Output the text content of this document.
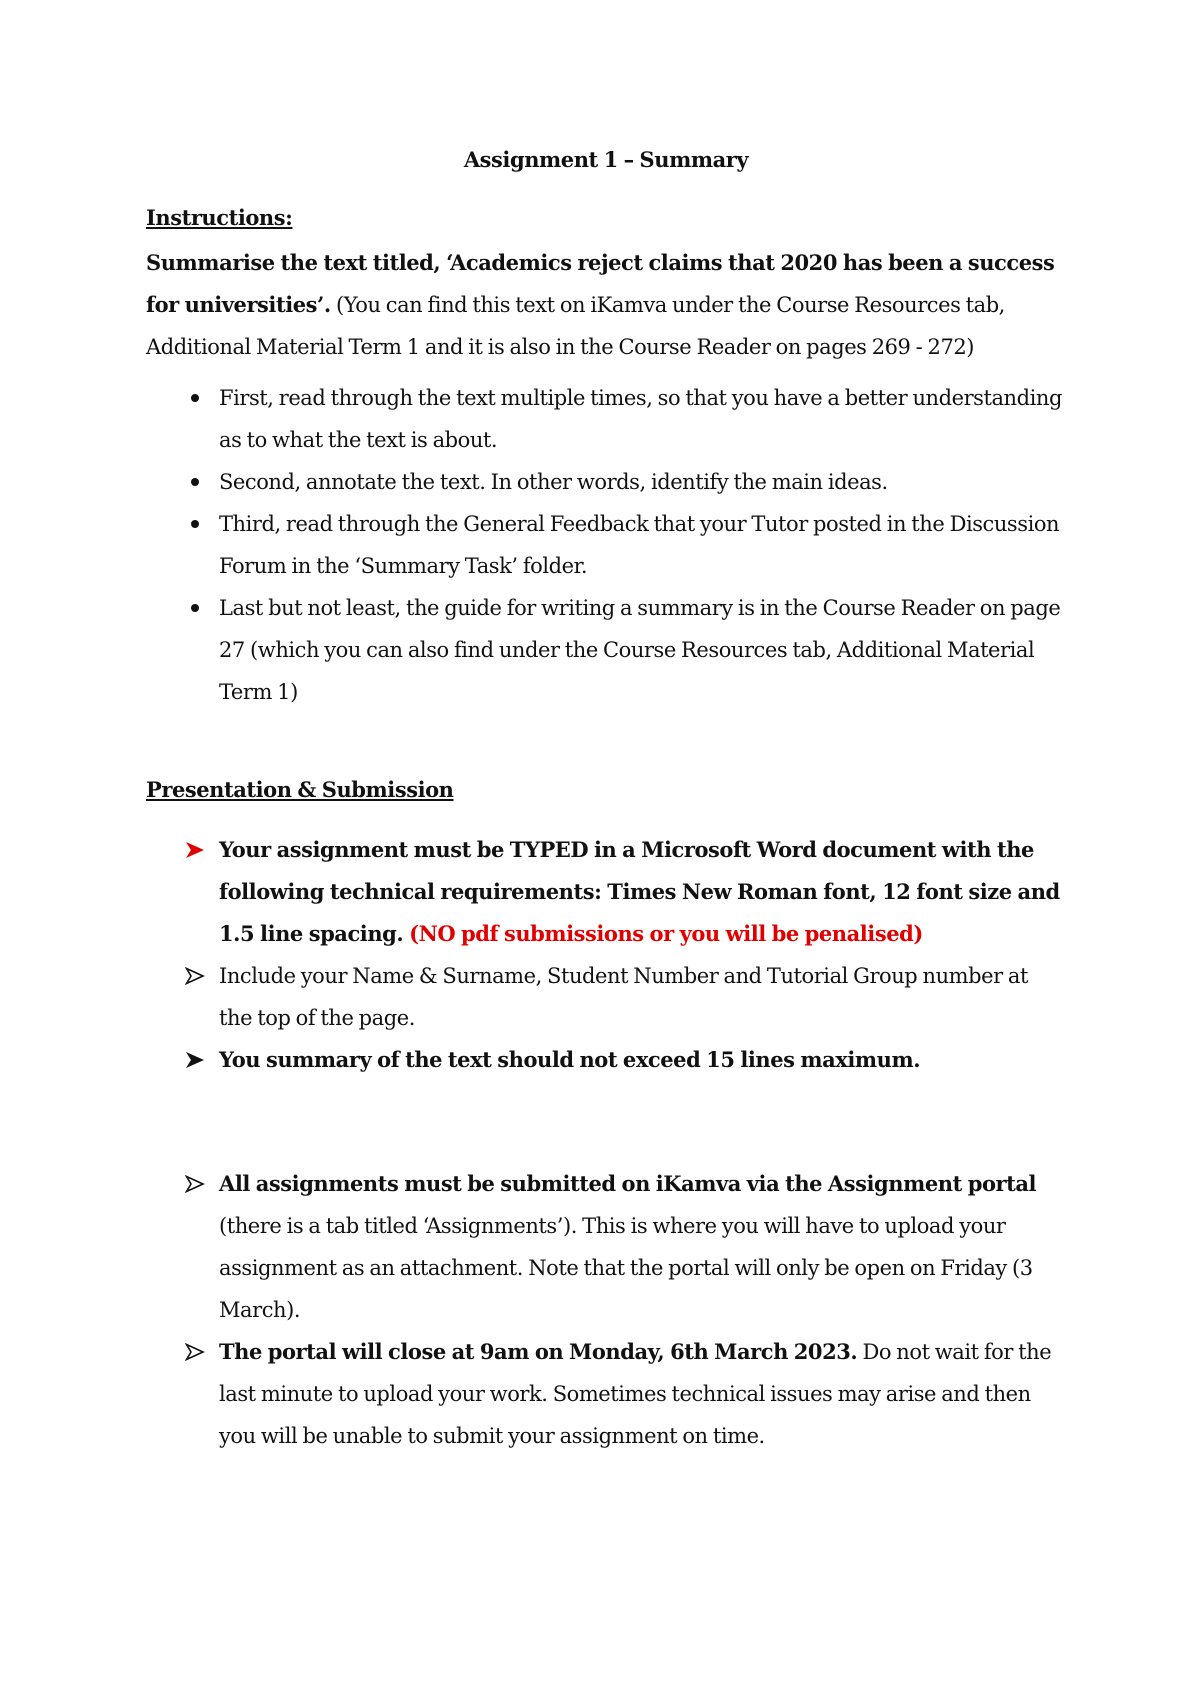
Assignment 1 – Summary
Instructions:
Summarise the text titled, ‘Academics reject claims that 2020 has been a success for universities’. (You can find this text on iKamva under the Course Resources tab, Additional Material Term 1 and it is also in the Course Reader on pages 269 - 272)
First, read through the text multiple times, so that you have a better understanding as to what the text is about.
Second, annotate the text. In other words, identify the main ideas.
Third, read through the General Feedback that your Tutor posted in the Discussion Forum in the ‘Summary Task’ folder.
Last but not least, the guide for writing a summary is in the Course Reader on page 27 (which you can also find under the Course Resources tab, Additional Material Term 1)
Presentation & Submission
Your assignment must be TYPED in a Microsoft Word document with the following technical requirements: Times New Roman font, 12 font size and 1.5 line spacing. (NO pdf submissions or you will be penalised)
Include your Name & Surname, Student Number and Tutorial Group number at the top of the page.
You summary of the text should not exceed 15 lines maximum.
All assignments must be submitted on iKamva via the Assignment portal (there is a tab titled ‘Assignments’). This is where you will have to upload your assignment as an attachment. Note that the portal will only be open on Friday (3 March).
The portal will close at 9am on Monday, 6th March 2023. Do not wait for the last minute to upload your work. Sometimes technical issues may arise and then you will be unable to submit your assignment on time.
